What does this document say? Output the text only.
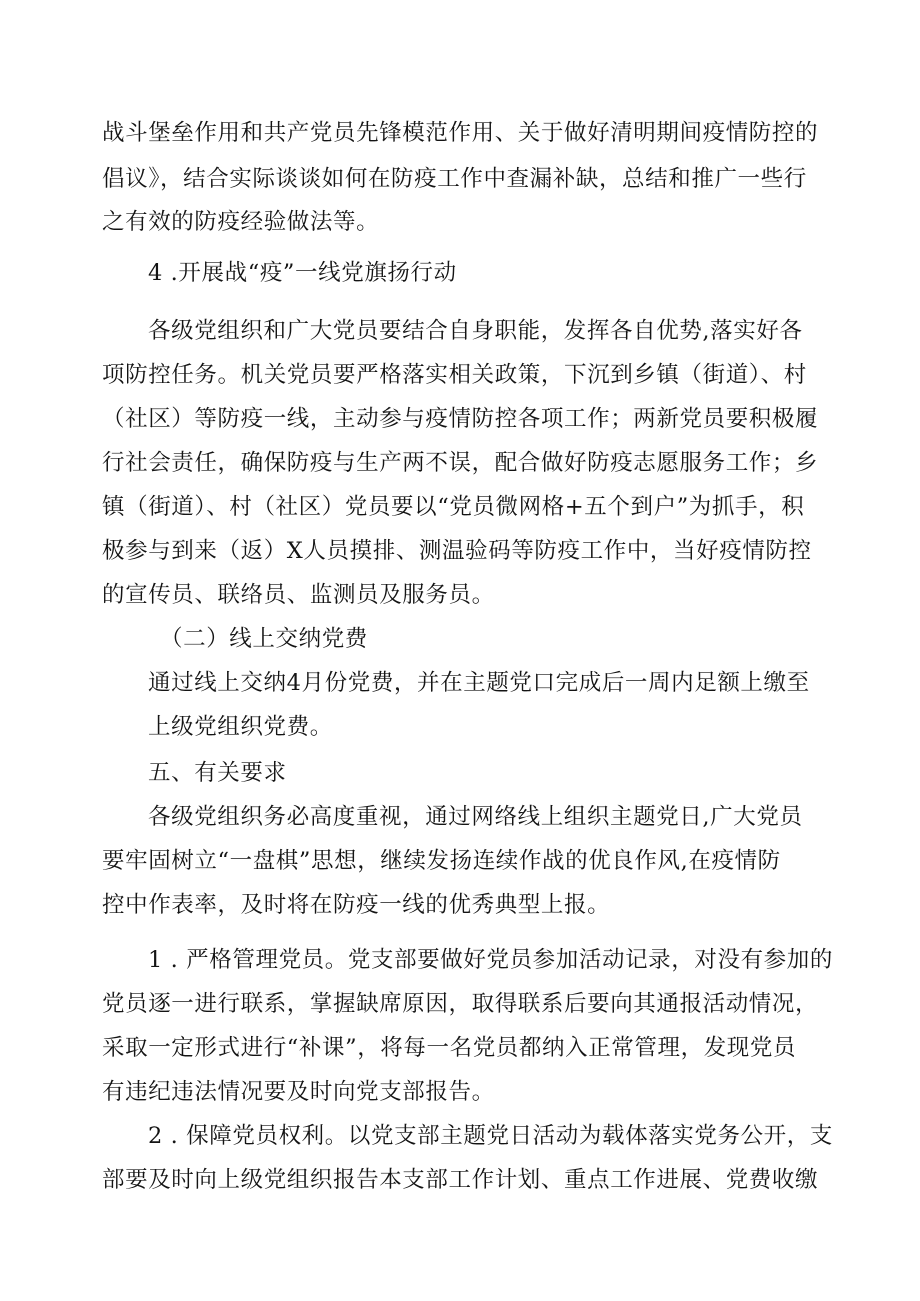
战斗堡垒作用和共产党员先锋模范作用、关于做好清明期间疫情防控的
倡议》，结合实际谈谈如何在防疫工作中查漏补缺，总结和推广一些行
之有效的防疫经验做法等。
4 .开展战“疫”一线党旗扬行动
各级党组织和广大党员要结合自身职能，发挥各自优势,落实好各
项防控任务。机关党员要严格落实相关政策，下沉到乡镇（街道）、村
（社区）等防疫一线，主动参与疫情防控各项工作；两新党员要积极履
行社会责任，确保防疫与生产两不误，配合做好防疫志愿服务工作；乡
镇（街道）、村（社区）党员要以“党员微网格+五个到户”为抓手，积
极参与到来（返）X人员摸排、测温验码等防疫工作中，当好疫情防控
的宣传员、联络员、监测员及服务员。
（二）线上交纳党费
通过线上交纳4月份党费，并在主题党口完成后一周内足额上缴至
上级党组织党费。
五、有关要求
各级党组织务必高度重视，通过网络线上组织主题党日,广大党员
要牢固树立“一盘棋”思想，继续发扬连续作战的优良作风,在疫情防
控中作表率，及时将在防疫一线的优秀典型上报。
1 . 严格管理党员。党支部要做好党员参加活动记录，对没有参加的
党员逐一进行联系，掌握缺席原因，取得联系后要向其通报活动情况，
采取一定形式进行“补课”，将每一名党员都纳入正常管理，发现党员
有违纪违法情况要及时向党支部报告。
2 . 保障党员权利。以党支部主题党日活动为载体落实党务公开，支
部要及时向上级党组织报告本支部工作计划、重点工作进展、党费收缴
